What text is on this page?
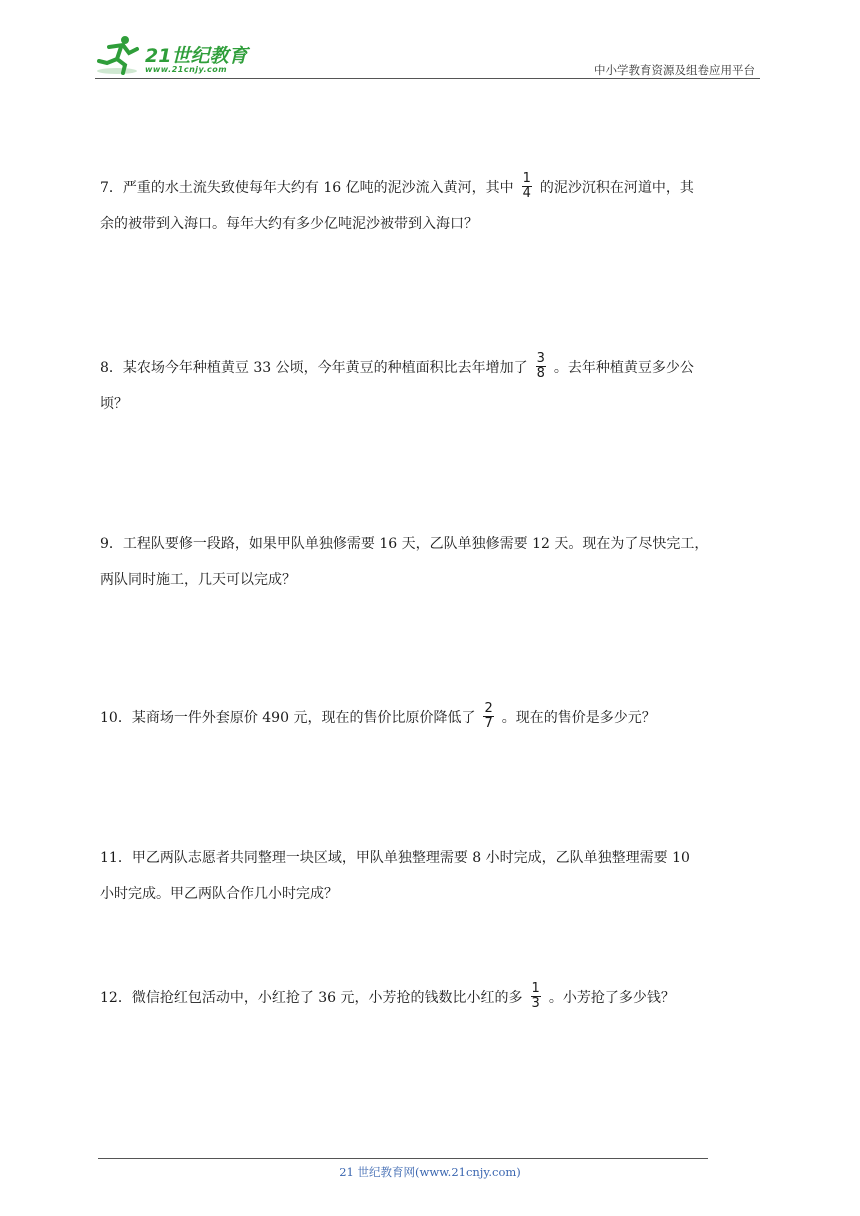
21世纪教育
www.21cnjy.com	中小学教育资源及组卷应用平台
7．严重的水土流失致使每年大约有 16 亿吨的泥沙流入黄河，其中 $\frac{1}{4}$ 的泥沙沉积在河道中，其
余的被带到入海口。每年大约有多少亿吨泥沙被带到入海口？
8．某农场今年种植黄豆 33 公顷，今年黄豆的种植面积比去年增加了 $\frac{3}{8}$ 。去年种植黄豆多少公
顷？
9．工程队要修一段路，如果甲队单独修需要 16 天，乙队单独修需要 12 天。现在为了尽快完工，
两队同时施工，几天可以完成？
10．某商场一件外套原价 490 元，现在的售价比原价降低了 $\frac{2}{7}$ 。现在的售价是多少元？
11．甲乙两队志愿者共同整理一块区域，甲队单独整理需要 8 小时完成，乙队单独整理需要 10
小时完成。甲乙两队合作几小时完成？
12．微信抢红包活动中，小红抢了 36 元，小芳抢的钱数比小红的多 $\frac{1}{3}$ 。小芳抢了多少钱？
21 世纪教育网(www.21cnjy.com)
